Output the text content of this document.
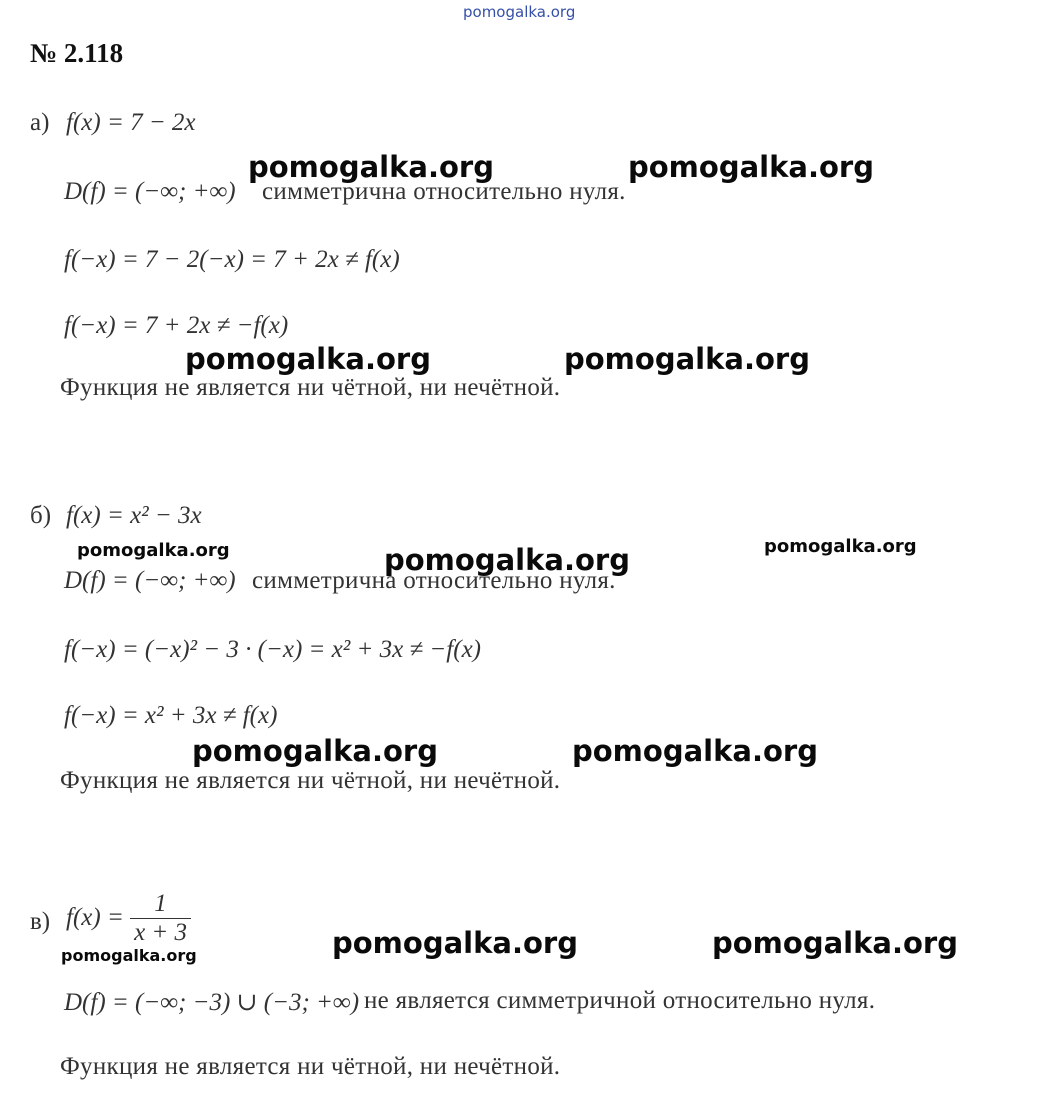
pomogalka.org
№ 2.118
а) f(x) = 7 − 2x
D(f) = (−∞; +∞) симметрична относительно нуля.
f(−x) = 7 − 2(−x) = 7 + 2x ≠ f(x)
f(−x) = 7 + 2x ≠ −f(x)
Функция не является ни чётной, ни нечётной.
б) f(x) = x² − 3x
D(f) = (−∞; +∞) симметрична относительно нуля.
f(−x) = (−x)² − 3 · (−x) = x² + 3x ≠ −f(x)
f(−x) = x² + 3x ≠ f(x)
Функция не является ни чётной, ни нечётной.
в) $f(x) = \frac{1}{x + 3}$
D(f) = (−∞; −3) ∪ (−3; +∞) не является симметричной относительно нуля.
Функция не является ни чётной, ни нечётной.
pomogalka.org	pomogalka.org
pomogalka.org	pomogalka.org
pomogalka.org	pomogalka.org	pomogalka.org
pomogalka.org	pomogalka.org
pomogalka.org	pomogalka.org
pomogalka.org
